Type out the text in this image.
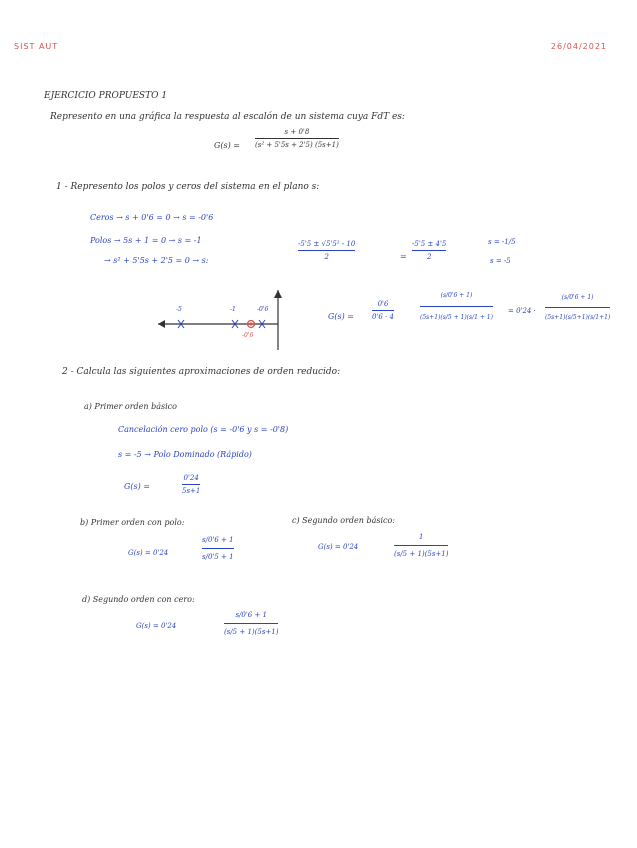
SIST AUT	26/04/2021
EJERCICIO PROPUESTO 1
Represento en una gráfica la respuesta al escalón de un sistema cuya FdT es:
G(s) =
s + 0'8
(s² + 5'5s + 2'5) (5s+1)
1 - Represento los polos y ceros del sistema en el plano s:
Ceros → s + 0'6 = 0 → s = -0'6
Polos → 5s + 1 = 0 → s = -1
→ s² + 5'5s + 2'5 = 0 → s:
-5'5 ± √5'5² - 10
2	=
-5'5 ± 4'5
2
s = -1/5
s = -5
-5	-1	-0'6
-0'6
G(s) =
0'6
0'6 · 4
(s/0'6 + 1)
(5s+1)(s/5 + 1)(s/1 + 1)
= 0'24 ·
(s/0'6 + 1)
(5s+1)(s/5+1)(s/1+1)
2 - Calcula las siguientes aproximaciones de orden reducido:
a) Primer orden básico
Cancelación cero polo (s = -0'6 y s = -0'8)
s = -5 → Polo Dominado (Rápido)
G(s) =
0'24
5s+1
b) Primer orden con polo:
G(s) = 0'24
s/0'6 + 1
s/0'5 + 1
c) Segundo orden básico:
G(s) = 0'24
1
(s/5 + 1)(5s+1)
d) Segundo orden con cero:
G(s) = 0'24
s/0'6 + 1
(s/5 + 1)(5s+1)
